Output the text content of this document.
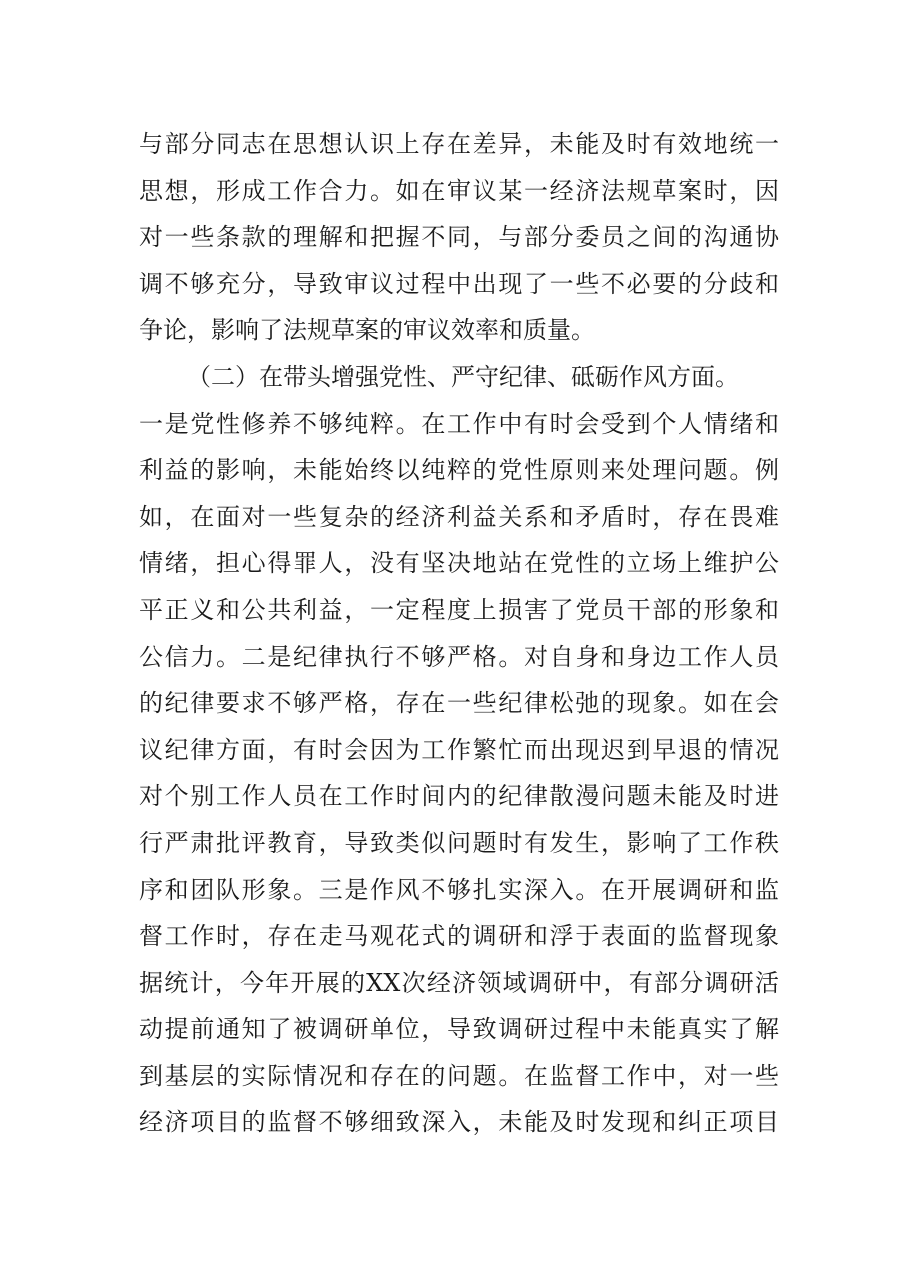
与部分同志在思想认识上存在差异，未能及时有效地统一
思想，形成工作合力。如在审议某一经济法规草案时，因
对一些条款的理解和把握不同，与部分委员之间的沟通协
调不够充分，导致审议过程中出现了一些不必要的分歧和
争论，影响了法规草案的审议效率和质量。
（二）在带头增强党性、严守纪律、砥砺作风方面。
一是党性修养不够纯粹。在工作中有时会受到个人情绪和
利益的影响，未能始终以纯粹的党性原则来处理问题。例
如，在面对一些复杂的经济利益关系和矛盾时，存在畏难
情绪，担心得罪人，没有坚决地站在党性的立场上维护公
平正义和公共利益，一定程度上损害了党员干部的形象和
公信力。二是纪律执行不够严格。对自身和身边工作人员
的纪律要求不够严格，存在一些纪律松弛的现象。如在会
议纪律方面，有时会因为工作繁忙而出现迟到早退的情况
对个别工作人员在工作时间内的纪律散漫问题未能及时进
行严肃批评教育，导致类似问题时有发生，影响了工作秩
序和团队形象。三是作风不够扎实深入。在开展调研和监
督工作时，存在走马观花式的调研和浮于表面的监督现象
据统计，今年开展的XX次经济领域调研中，有部分调研活
动提前通知了被调研单位，导致调研过程中未能真实了解
到基层的实际情况和存在的问题。在监督工作中，对一些
经济项目的监督不够细致深入，未能及时发现和纠正项目
